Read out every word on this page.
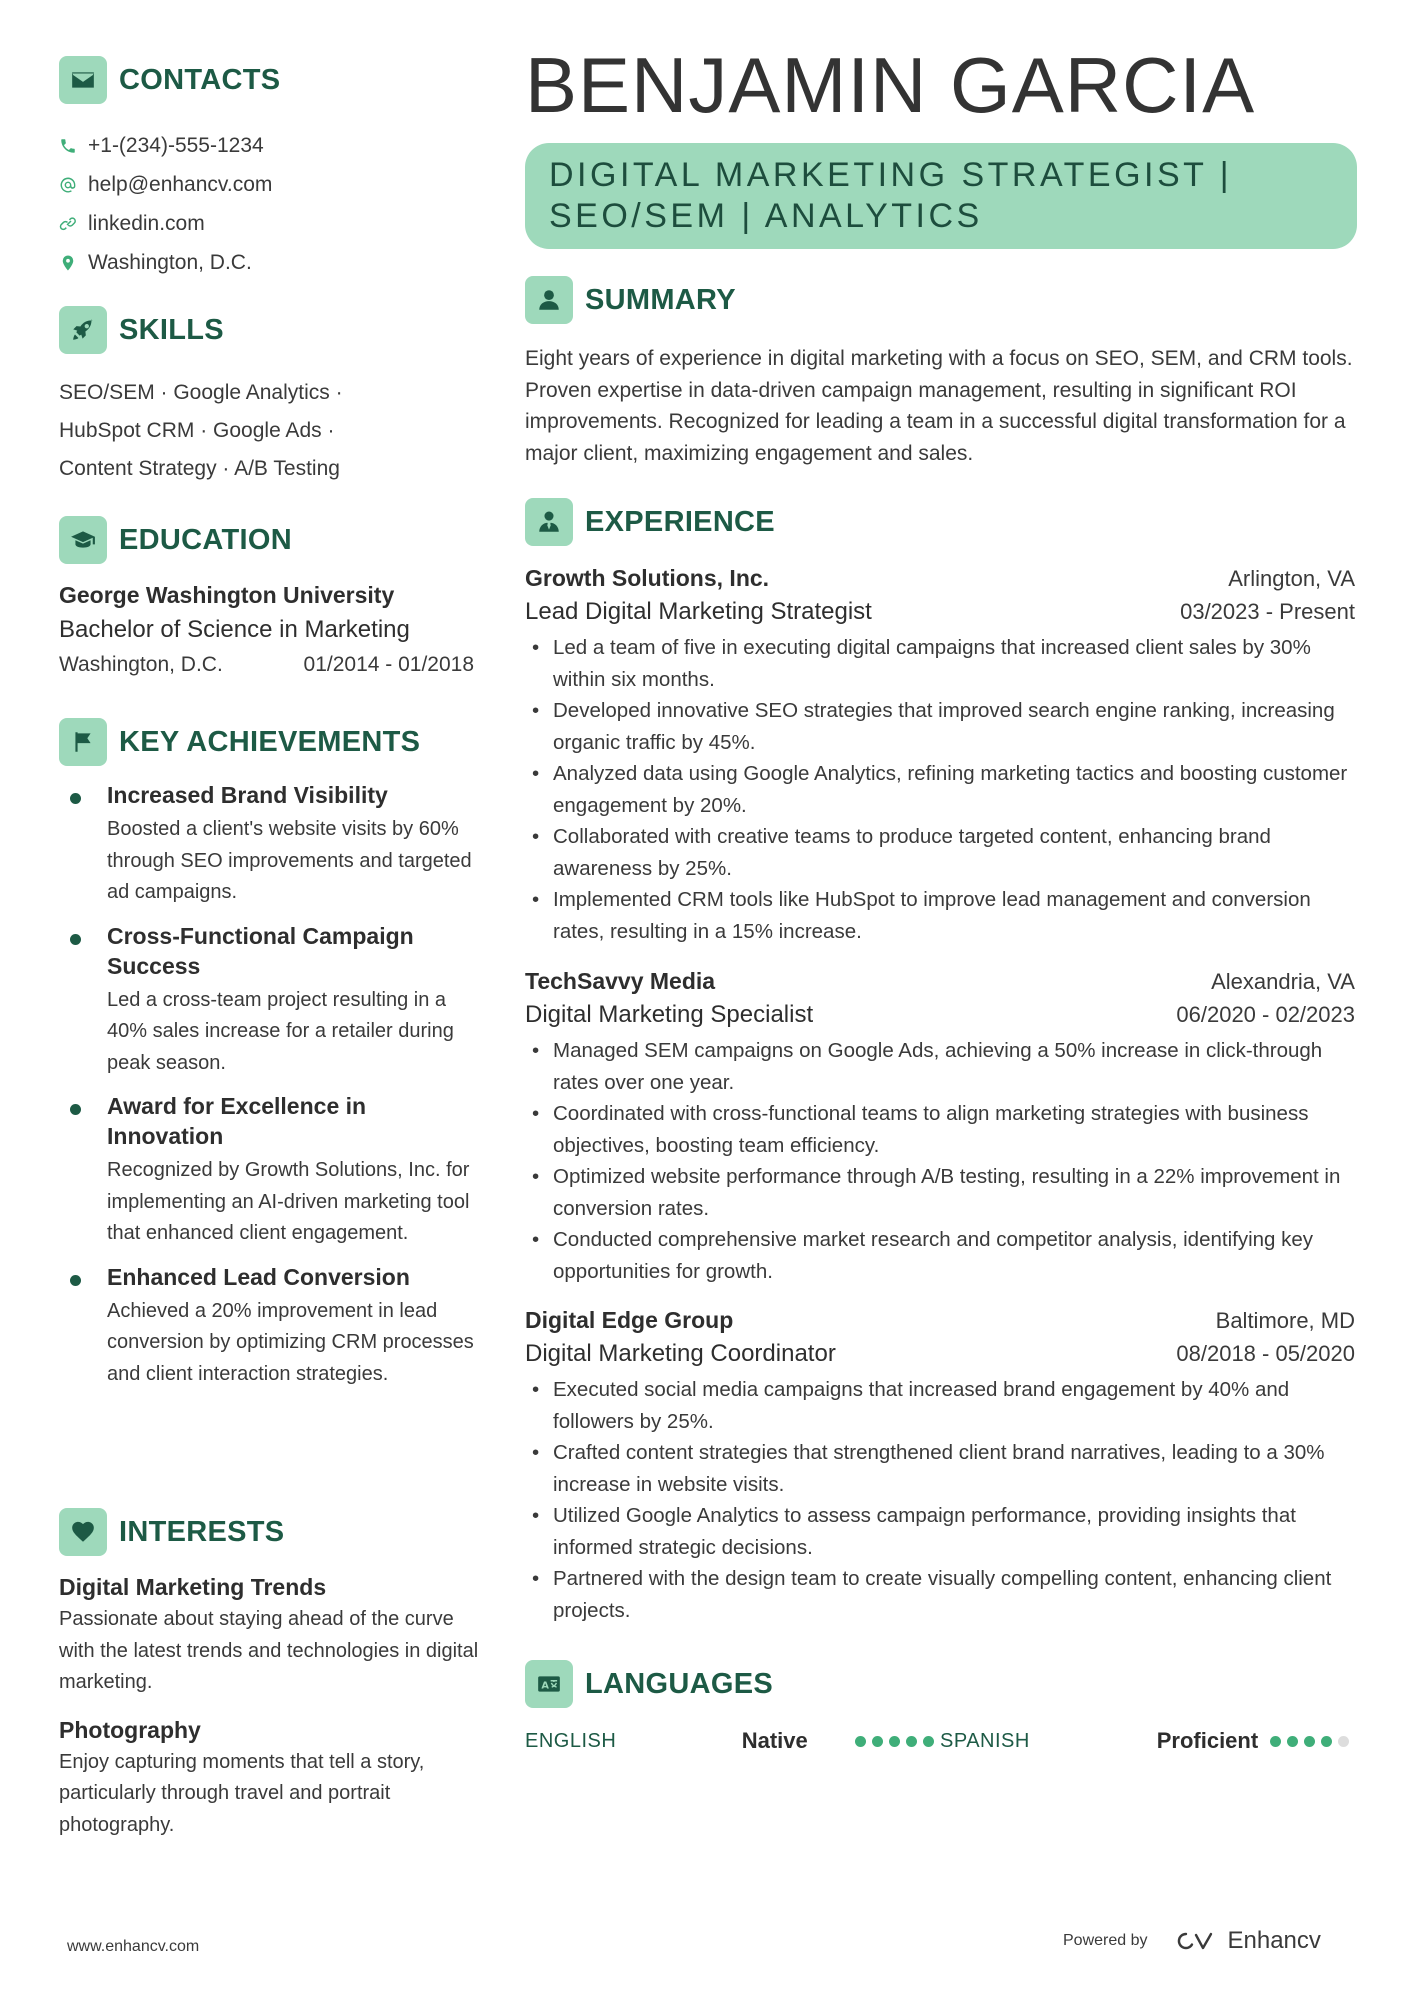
CONTACTS
+1-(234)-555-1234
help@enhancv.com
linkedin.com
Washington, D.C.
SKILLS
SEO/SEM · Google Analytics ·
HubSpot CRM · Google Ads ·
Content Strategy · A/B Testing
EDUCATION
George Washington University
Bachelor of Science in Marketing
Washington, D.C.	01/2014 - 01/2018
KEY ACHIEVEMENTS
Increased Brand Visibility
Boosted a client's website visits by 60% through SEO improvements and targeted ad campaigns.
Cross-Functional Campaign Success
Led a cross-team project resulting in a 40% sales increase for a retailer during peak season.
Award for Excellence in Innovation
Recognized by Growth Solutions, Inc. for implementing an AI-driven marketing tool that enhanced client engagement.
Enhanced Lead Conversion
Achieved a 20% improvement in lead conversion by optimizing CRM processes and client interaction strategies.
INTERESTS
Digital Marketing Trends
Passionate about staying ahead of the curve with the latest trends and technologies in digital marketing.
Photography
Enjoy capturing moments that tell a story, particularly through travel and portrait photography.
BENJAMIN GARCIA
DIGITAL MARKETING STRATEGIST | SEO/SEM | ANALYTICS
SUMMARY
Eight years of experience in digital marketing with a focus on SEO, SEM, and CRM tools. Proven expertise in data-driven campaign management, resulting in significant ROI improvements. Recognized for leading a team in a successful digital transformation for a major client, maximizing engagement and sales.
EXPERIENCE
Growth Solutions, Inc.	Arlington, VA
Lead Digital Marketing Strategist	03/2023 - Present
• Led a team of five in executing digital campaigns that increased client sales by 30% within six months.
• Developed innovative SEO strategies that improved search engine ranking, increasing organic traffic by 45%.
• Analyzed data using Google Analytics, refining marketing tactics and boosting customer engagement by 20%.
• Collaborated with creative teams to produce targeted content, enhancing brand awareness by 25%.
• Implemented CRM tools like HubSpot to improve lead management and conversion rates, resulting in a 15% increase.
TechSavvy Media	Alexandria, VA
Digital Marketing Specialist	06/2020 - 02/2023
• Managed SEM campaigns on Google Ads, achieving a 50% increase in click-through rates over one year.
• Coordinated with cross-functional teams to align marketing strategies with business objectives, boosting team efficiency.
• Optimized website performance through A/B testing, resulting in a 22% improvement in conversion rates.
• Conducted comprehensive market research and competitor analysis, identifying key opportunities for growth.
Digital Edge Group	Baltimore, MD
Digital Marketing Coordinator	08/2018 - 05/2020
• Executed social media campaigns that increased brand engagement by 40% and followers by 25%.
• Crafted content strategies that strengthened client brand narratives, leading to a 30% increase in website visits.
• Utilized Google Analytics to assess campaign performance, providing insights that informed strategic decisions.
• Partnered with the design team to create visually compelling content, enhancing client projects.
A LANGUAGES
ENGLISH	Native	SPANISH	Proficient
www.enhancv.com	Powered by	Enhancv
